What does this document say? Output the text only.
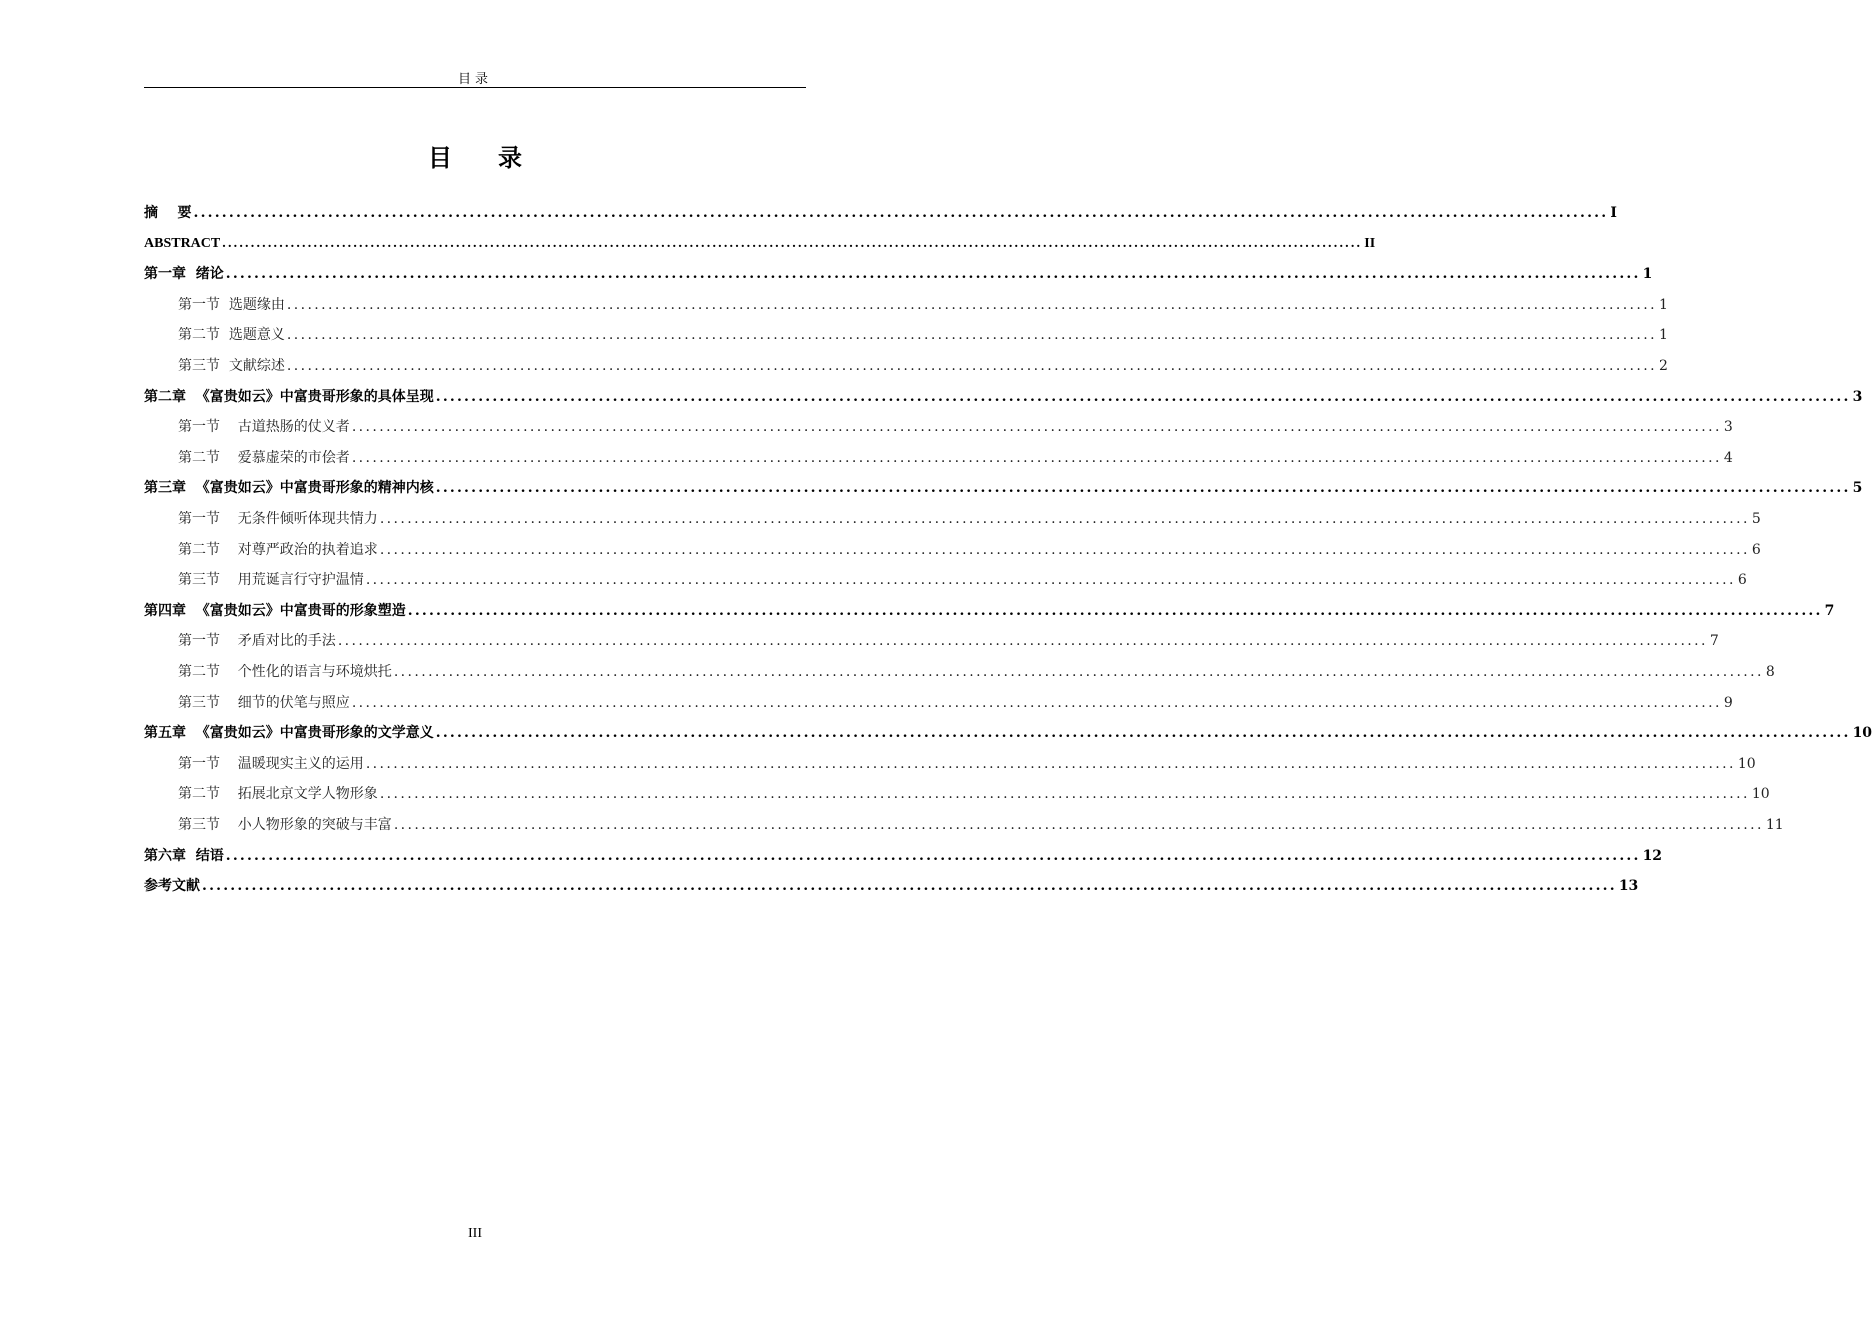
目录
目 录
摘    要 ........................................................................................................................................................................................................ I
ABSTRACT ........................................................................................................................................................................................................ II
第一章  绪论 ........................................................................................................................................................................................................ 1
第一节  选题缘由 ........................................................................................................................................................................................................ 1
第二节  选题意义 ........................................................................................................................................................................................................ 1
第三节  文献综述 ........................................................................................................................................................................................................ 2
第二章  《富贵如云》中富贵哥形象的具体呈现 ........................................................................................................................................................................................................ 3
第一节    古道热肠的仗义者 ........................................................................................................................................................................................................ 3
第二节    爱慕虚荣的市侩者 ........................................................................................................................................................................................................ 4
第三章  《富贵如云》中富贵哥形象的精神内核 ........................................................................................................................................................................................................ 5
第一节    无条件倾听体现共情力 ........................................................................................................................................................................................................ 5
第二节    对尊严政治的执着追求 ........................................................................................................................................................................................................ 6
第三节    用荒诞言行守护温情 ........................................................................................................................................................................................................ 6
第四章  《富贵如云》中富贵哥的形象塑造 ........................................................................................................................................................................................................ 7
第一节    矛盾对比的手法 ........................................................................................................................................................................................................ 7
第二节    个性化的语言与环境烘托 ........................................................................................................................................................................................................ 8
第三节    细节的伏笔与照应 ........................................................................................................................................................................................................ 9
第五章  《富贵如云》中富贵哥形象的文学意义 ........................................................................................................................................................................................................ 10
第一节    温暖现实主义的运用 ........................................................................................................................................................................................................ 10
第二节    拓展北京文学人物形象 ........................................................................................................................................................................................................ 10
第三节    小人物形象的突破与丰富 ........................................................................................................................................................................................................ 11
第六章  结语 ........................................................................................................................................................................................................ 12
参考文献 ........................................................................................................................................................................................................ 13
III
